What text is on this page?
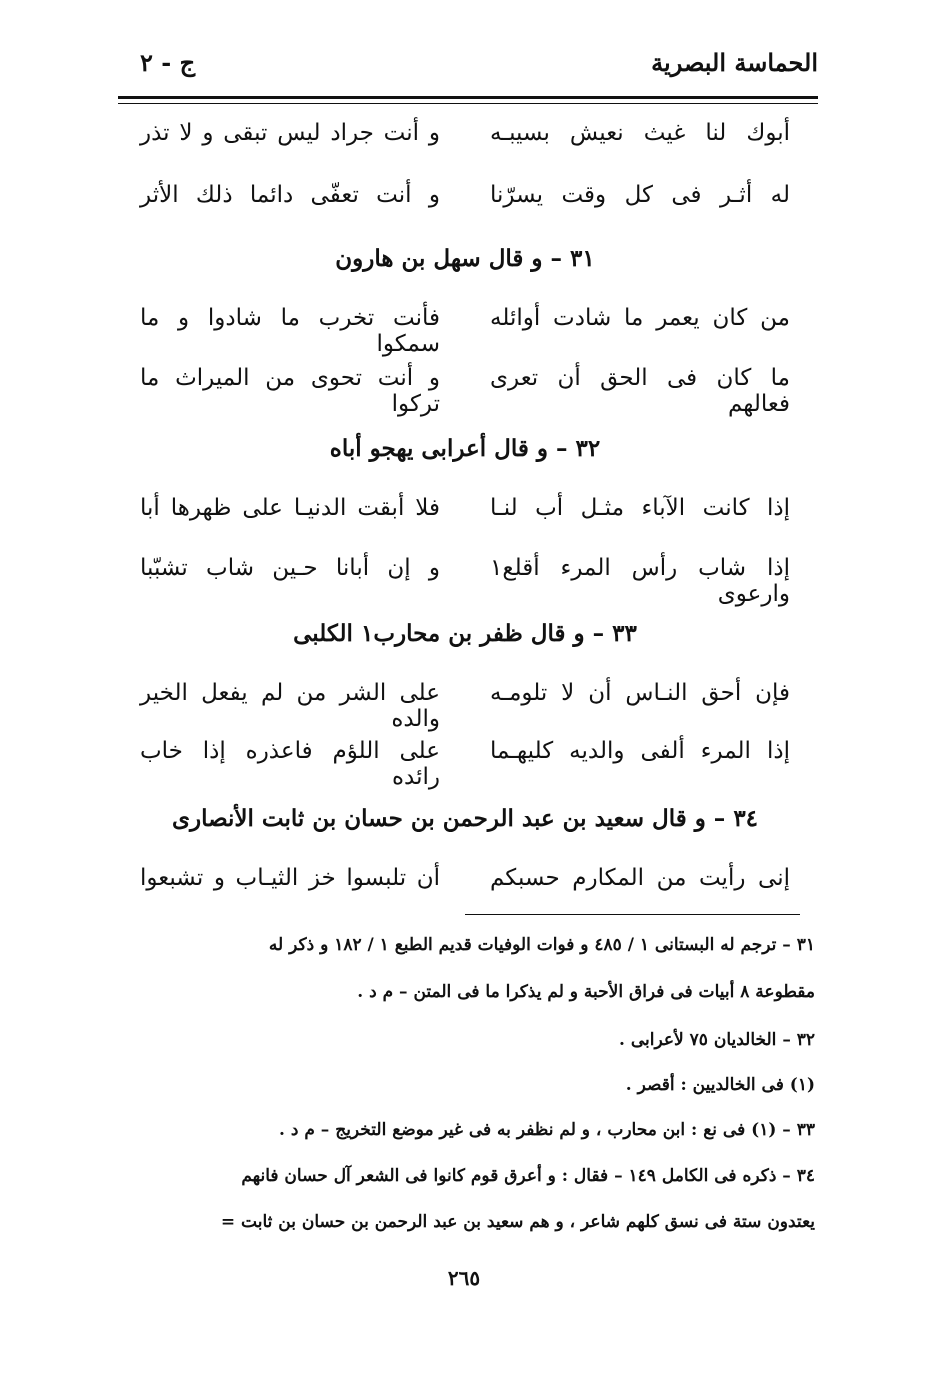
الحماسة البصرية
ج - ٢
أبوك لنا غيث نعيش بسيبـه
و أنت جراد ليس تبقى و لا تذر
له أثـر فى كل وقت يسرّنا
و أنت تعفّى دائما ذلك الأثر
٣١ – و قال سهل بن هارون
من كان يعمر ما شادت أوائله
فأنت تخرب ما شادوا و ما سمكوا
ما كان فى الحق أن تعرى فعالهم
و أنت تحوى من الميراث ما تركوا
٣٢ – و قال أعرابى يهجو أباه
إذا كانت الآباء مثـل أب لنـا
فلا أبقت الدنيـا على ظهرها أبا
إذا شاب رأس المرء أقلع١ وارعوى
و إن أبانا حـين شاب تشبّبا
٣٣ – و قال ظفر بن محارب١ الكلبى
فإن أحق النـاس أن لا تلومـه
على الشر من لم يفعل الخير والده
إذا المرء ألفى والديه كليهـما
على اللؤم فاعذره إذا خاب رائده
٣٤ – و قال سعيد بن عبد الرحمن بن حسان بن ثابت الأنصارى
إنى رأيت من المكارم حسبكم
أن تلبسوا خز الثيـاب و تشبعوا
٣١ – ترجم له البستانى ١ / ٤٨٥ و فوات الوفيات قديم الطبع ١ / ١٨٢ و ذكر له
مقطوعة ٨ أبيات فى فراق الأحبة و لم يذكرا ما فى المتن – م د .
٣٢ – الخالديان ٧٥ لأعرابى .
(١) فى الخالديين : أقصر .
٣٣ – (١) فى نع : ابن محارب ، و لم نظفر به فى غير موضع التخريج – م د .
٣٤ – ذكره فى الكامل ١٤٩ – فقال : و أعرق قوم كانوا فى الشعر آل حسان فانهم
يعتدون ستة فى نسق كلهم شاعر ، و هم سعيد بن عبد الرحمن بن حسان بن ثابت =
٢٦٥
